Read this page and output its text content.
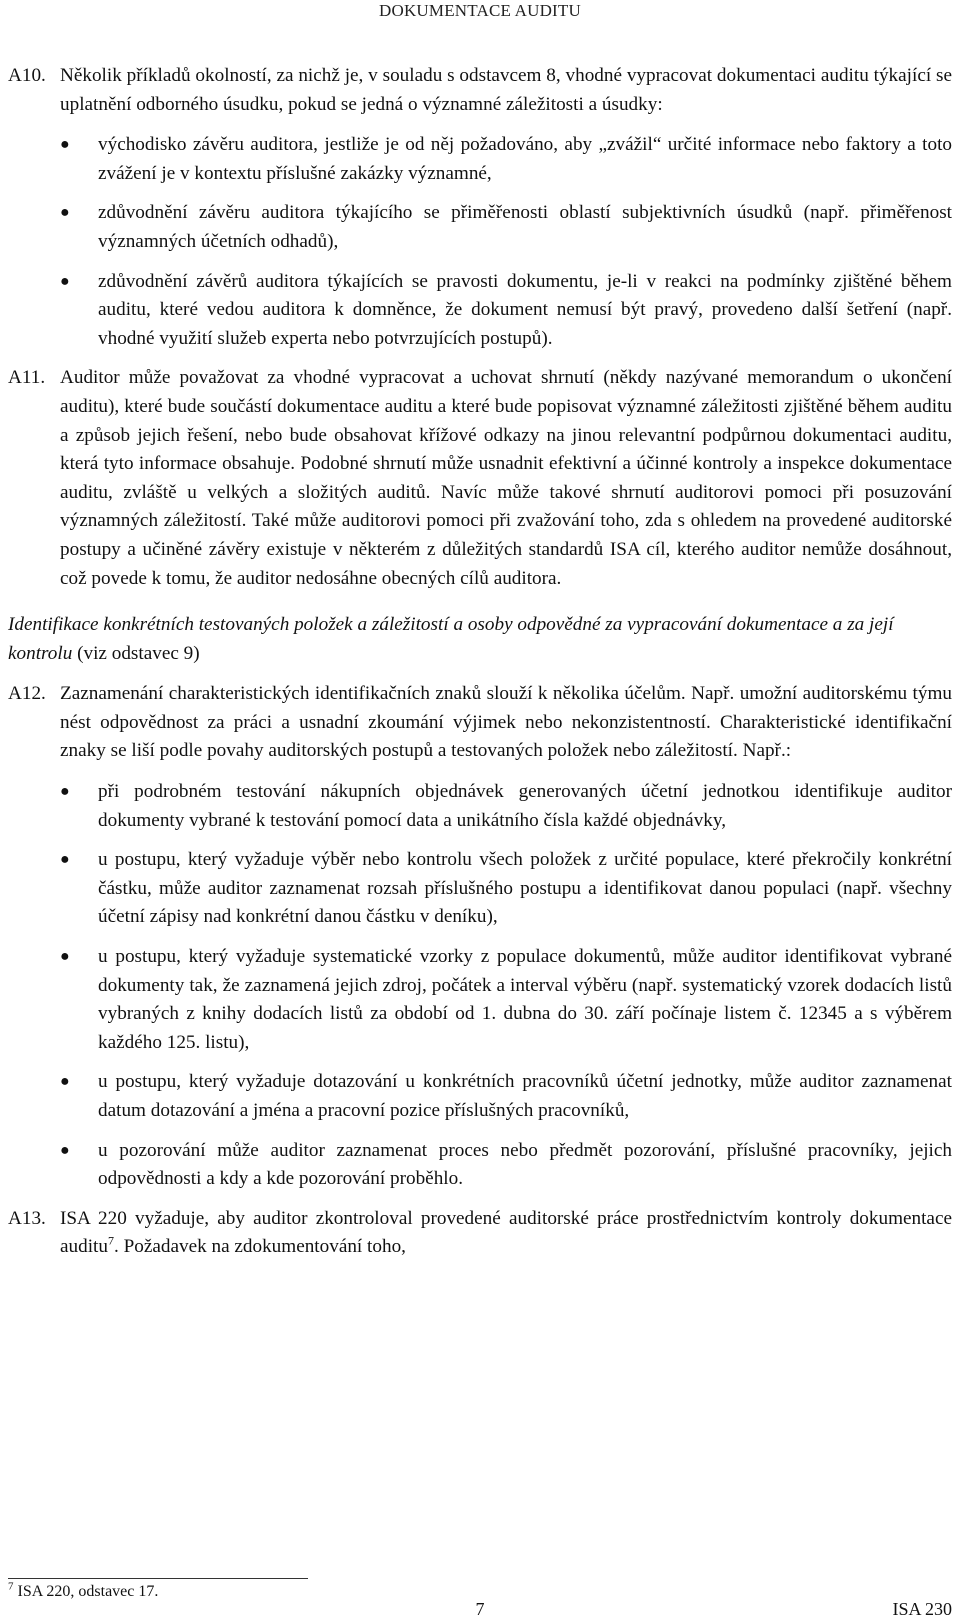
DOKUMENTACE AUDITU
A10. Několik příkladů okolností, za nichž je, v souladu s odstavcem 8, vhodné vypracovat dokumentaci auditu týkající se uplatnění odborného úsudku, pokud se jedná o významné záležitosti a úsudky:
●	východisko závěru auditora, jestliže je od něj požadováno, aby „zvážil“ určité informace nebo faktory a toto zvážení je v kontextu příslušné zakázky významné,
●	zdůvodnění závěru auditora týkajícího se přiměřenosti oblastí subjektivních úsudků (např. přiměřenost významných účetních odhadů),
●	zdůvodnění závěrů auditora týkajících se pravosti dokumentu, je-li v reakci na podmínky zjištěné během auditu, které vedou auditora k domněnce, že dokument nemusí být pravý, provedeno další šetření (např. vhodné využití služeb experta nebo potvrzujících postupů).
A11. Auditor může považovat za vhodné vypracovat a uchovat shrnutí (někdy nazývané memorandum o ukončení auditu), které bude součástí dokumentace auditu a které bude popisovat významné záležitosti zjištěné během auditu a způsob jejich řešení, nebo bude obsahovat křížové odkazy na jinou relevantní podpůrnou dokumentaci auditu, která tyto informace obsahuje. Podobné shrnutí může usnadnit efektivní a účinné kontroly a inspekce dokumentace auditu, zvláště u velkých a složitých auditů. Navíc může takové shrnutí auditorovi pomoci při posuzování významných záležitostí. Také může auditorovi pomoci při zvažování toho, zda s ohledem na provedené auditorské postupy a učiněné závěry existuje v některém z důležitých standardů ISA cíl, kterého auditor nemůže dosáhnout, což povede k tomu, že auditor nedosáhne obecných cílů auditora.
Identifikace konkrétních testovaných položek a záležitostí a osoby odpovědné za vypracování dokumentace a za její kontrolu (viz odstavec 9)
A12. Zaznamenání charakteristických identifikačních znaků slouží k několika účelům. Např. umožní auditorskému týmu nést odpovědnost za práci a usnadní zkoumání výjimek nebo nekonzistentností. Charakteristické identifikační znaky se liší podle povahy auditorských postupů a testovaných položek nebo záležitostí. Např.:
●	při podrobném testování nákupních objednávek generovaných účetní jednotkou identifikuje auditor dokumenty vybrané k testování pomocí data a unikátního čísla každé objednávky,
●	u postupu, který vyžaduje výběr nebo kontrolu všech položek z určité populace, které překročily konkrétní částku, může auditor zaznamenat rozsah příslušného postupu a identifikovat danou populaci (např. všechny účetní zápisy nad konkrétní danou částku v deníku),
●	u postupu, který vyžaduje systematické vzorky z populace dokumentů, může auditor identifikovat vybrané dokumenty tak, že zaznamená jejich zdroj, počátek a interval výběru (např. systematický vzorek dodacích listů vybraných z knihy dodacích listů za období od 1. dubna do 30. září počínaje listem č. 12345 a s výběrem každého 125. listu),
●	u postupu, který vyžaduje dotazování u konkrétních pracovníků účetní jednotky, může auditor zaznamenat datum dotazování a jména a pracovní pozice příslušných pracovníků,
●	u pozorování může auditor zaznamenat proces nebo předmět pozorování, příslušné pracovníky, jejich odpovědnosti a kdy a kde pozorování proběhlo.
A13. ISA 220 vyžaduje, aby auditor zkontroloval provedené auditorské práce prostřednictvím kontroly dokumentace auditu$^7$. Požadavek na zdokumentování toho,
$^7$ ISA 220, odstavec 17.
7	ISA 230
